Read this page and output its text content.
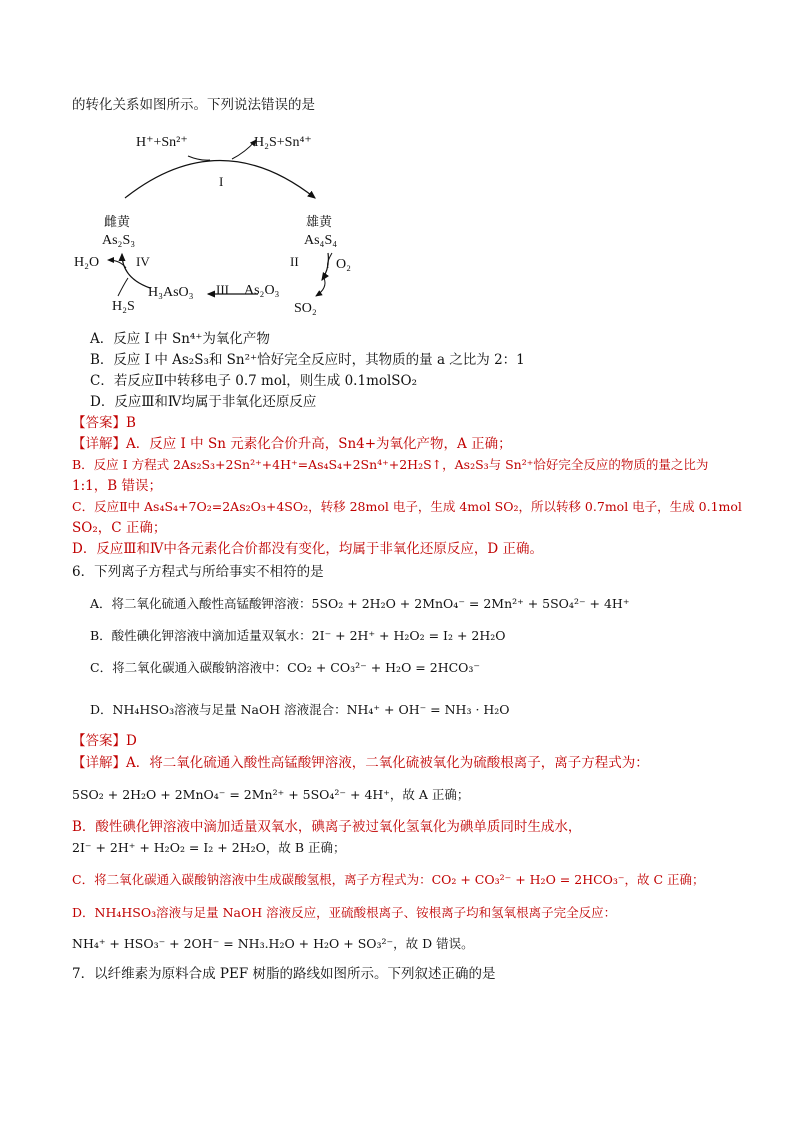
的转化关系如图所示。下列说法错误的是
H⁺+Sn²⁺	H₂S+Sn⁴⁺
I
雌黄
As₂S₃
雄黄
As₄S₄
II	O₂
SO₂
As₂O₃
III
H₃AsO₃
IV
H₂O
H₂S
A．反应 I 中 Sn⁴⁺为氧化产物
B．反应 I 中 As₂S₃和 Sn²⁺恰好完全反应时，其物质的量 a 之比为 2：1
C．若反应Ⅱ中转移电子 0.7 mol，则生成 0.1molSO₂
D．反应Ⅲ和Ⅳ均属于非氧化还原反应
【答案】B
【详解】A．反应 I 中 Sn 元素化合价升高，Sn4+为氧化产物，A 正确；
B．反应 I 方程式 2As₂S₃+2Sn²⁺+4H⁺=As₄S₄+2Sn⁴⁺+2H₂S↑，As₂S₃与 Sn²⁺恰好完全反应的物质的量之比为
1:1，B 错误；
C．反应Ⅱ中 As₄S₄+7O₂=2As₂O₃+4SO₂，转移 28mol 电子，生成 4mol SO₂，所以转移 0.7mol 电子，生成 0.1mol
SO₂，C 正确；
D．反应Ⅲ和Ⅳ中各元素化合价都没有变化，均属于非氧化还原反应，D 正确。
6．下列离子方程式与所给事实不相符的是
A．将二氧化硫通入酸性高锰酸钾溶液：5SO₂ + 2H₂O + 2MnO₄⁻ = 2Mn²⁺ + 5SO₄²⁻ + 4H⁺
B．酸性碘化钾溶液中滴加适量双氧水：2I⁻ + 2H⁺ + H₂O₂ = I₂ + 2H₂O
C．将二氧化碳通入碳酸钠溶液中：CO₂ + CO₃²⁻ + H₂O = 2HCO₃⁻
D．NH₄HSO₃溶液与足量 NaOH 溶液混合：NH₄⁺ + OH⁻ = NH₃ · H₂O
【答案】D
【详解】A．将二氧化硫通入酸性高锰酸钾溶液，二氧化硫被氧化为硫酸根离子，离子方程式为：
5SO₂ + 2H₂O + 2MnO₄⁻ = 2Mn²⁺ + 5SO₄²⁻ + 4H⁺，故 A 正确；
B．酸性碘化钾溶液中滴加适量双氧水，碘离子被过氧化氢氧化为碘单质同时生成水，
2I⁻ + 2H⁺ + H₂O₂ = I₂ + 2H₂O，故 B 正确；
C．将二氧化碳通入碳酸钠溶液中生成碳酸氢根，离子方程式为：CO₂ + CO₃²⁻ + H₂O = 2HCO₃⁻，故 C 正确；
D．NH₄HSO₃溶液与足量 NaOH 溶液反应，亚硫酸根离子、铵根离子均和氢氧根离子完全反应：
NH₄⁺ + HSO₃⁻ + 2OH⁻ = NH₃.H₂O + H₂O + SO₃²⁻，故 D 错误。
7．以纤维素为原料合成 PEF 树脂的路线如图所示。下列叙述正确的是
